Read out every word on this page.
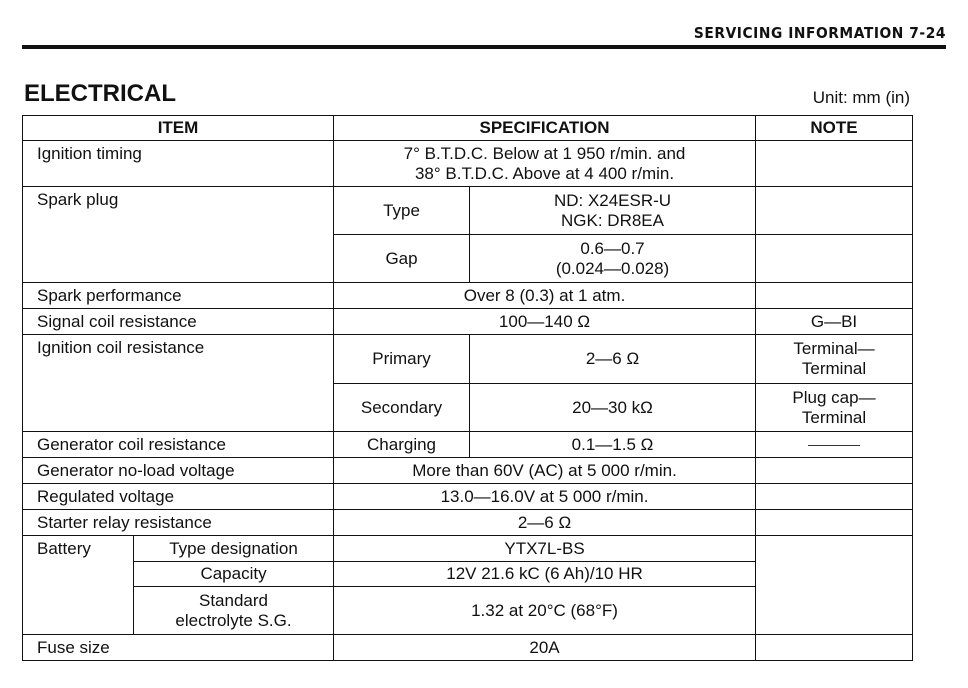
SERVICING INFORMATION 7-24
ELECTRICAL	Unit: mm (in)
ITEM		SPECIFICATION		NOTE
Ignition timing		7° B.T.D.C. Below at 1 950 r/min. and
38° B.T.D.C. Above at 4 400 r/min.		

Spark plug		Type	ND: X24ESR-U
NGK: DR8EA	

		Gap	0.6—0.7
(0.024—0.028)	

Spark performance		Over 8 (0.3) at 1 atm.		
Signal coil resistance		100—140 Ω		G—BI
Ignition coil resistance		Primary	2—6 Ω	Terminal—
Terminal

		Secondary	20—30 kΩ	Plug cap—
Terminal

Generator coil resistance		Charging	0.1—1.5 Ω	
Generator no-load voltage		More than 60V (AC) at 5 000 r/min.		
Regulated voltage		13.0—16.0V at 5 000 r/min.		
Starter relay resistance		2—6 Ω		
Battery	Type designation	YTX7L-BS		
	Capacity	12V 21.6 kC (6 Ah)/10 HR		

	Standard
electrolyte S.G.	1.32 at 20°C (68°F)		
Fuse size		20A		
